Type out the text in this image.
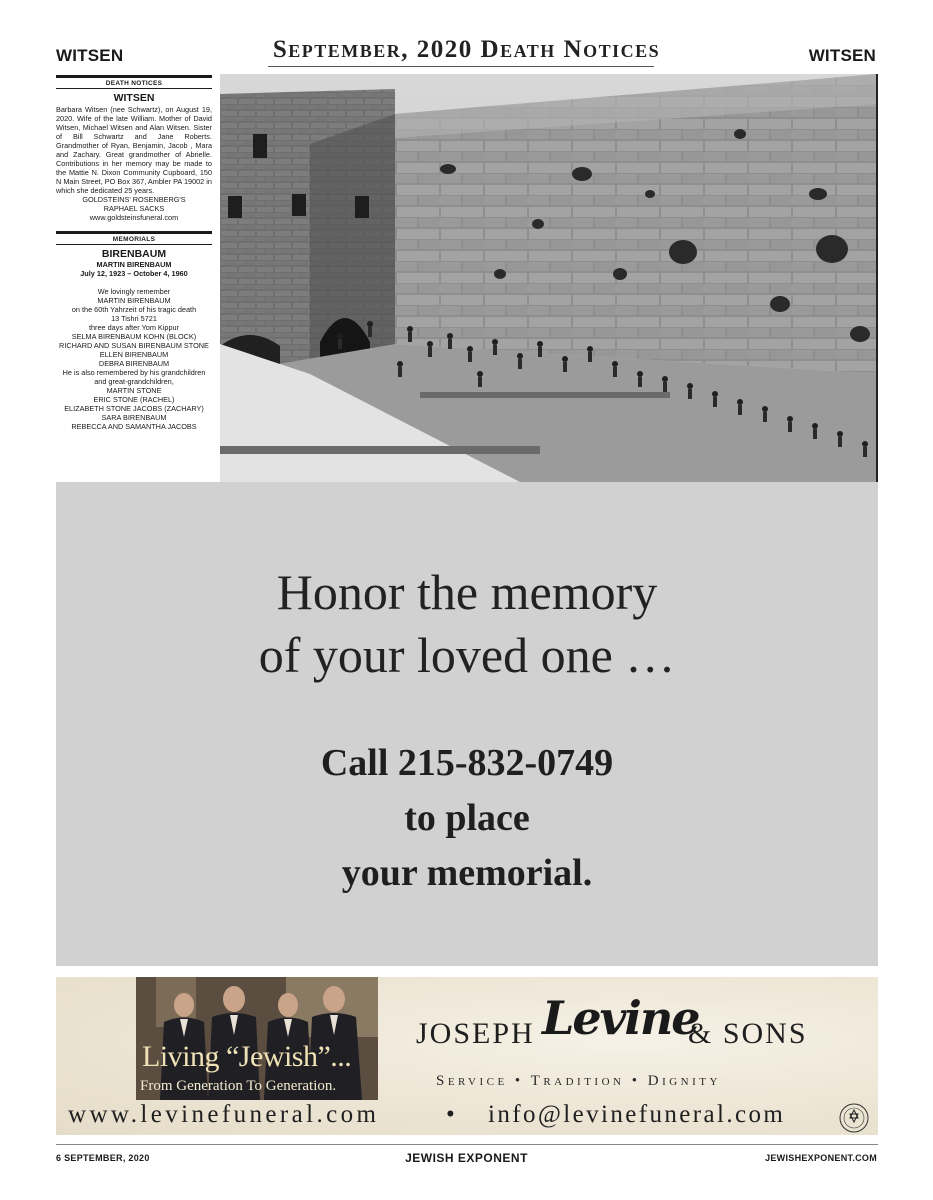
WITSEN	September, 2020 Death Notices	WITSEN
DEATH NOTICES
WITSEN
Barbara Witsen (nee Schwartz), on August 19, 2020. Wife of the late William. Mother of David Witsen, Michael Witsen and Alan Witsen. Sister of Bill Schwartz and Jane Roberts. Grandmother of Ryan, Benjamin, Jacob , Mara and Zachary. Great grandmother of Abrielle. Contributions in her memory may be made to the Mattie N. Dixon Community Cupboard, 150 N Main Street, PO Box 367, Ambler PA 19002 in which she dedicated 25 years.
GOLDSTEINS' ROSENBERG'S
RAPHAEL SACKS
www.goldsteinsfuneral.com
MEMORIALS
BIRENBAUM
MARTIN BIRENBAUM
July 12, 1923 – October 4, 1960
We lovingly remember
MARTIN BIRENBAUM
on the 60th Yahrzeit of his tragic death
13 Tishri 5721
three days after Yom Kippur
SELMA BIRENBAUM KOHN (BLOCK)
RICHARD AND SUSAN BIRENBAUM STONE
ELLEN BIRENBAUM
DEBRA BIRENBAUM
He is also remembered by his grandchildren
and great-grandchildren,
MARTIN STONE
ERIC STONE (RACHEL)
ELIZABETH STONE JACOBS (ZACHARY)
SARA BIRENBAUM
REBECCA AND SAMANTHA JACOBS
Honor the memory
of your loved one …
Call 215-832-0749
to place
your memorial.
Living “Jewish”...
From Generation To Generation.
JOSEPH Levine
& SONS
Service • Tradition • Dignity
www.levinefuneral.com	• info@levinefuneral.com
6 SEPTEMBER, 2020	JEWISH EXPONENT	JEWISHEXPONENT.COM
